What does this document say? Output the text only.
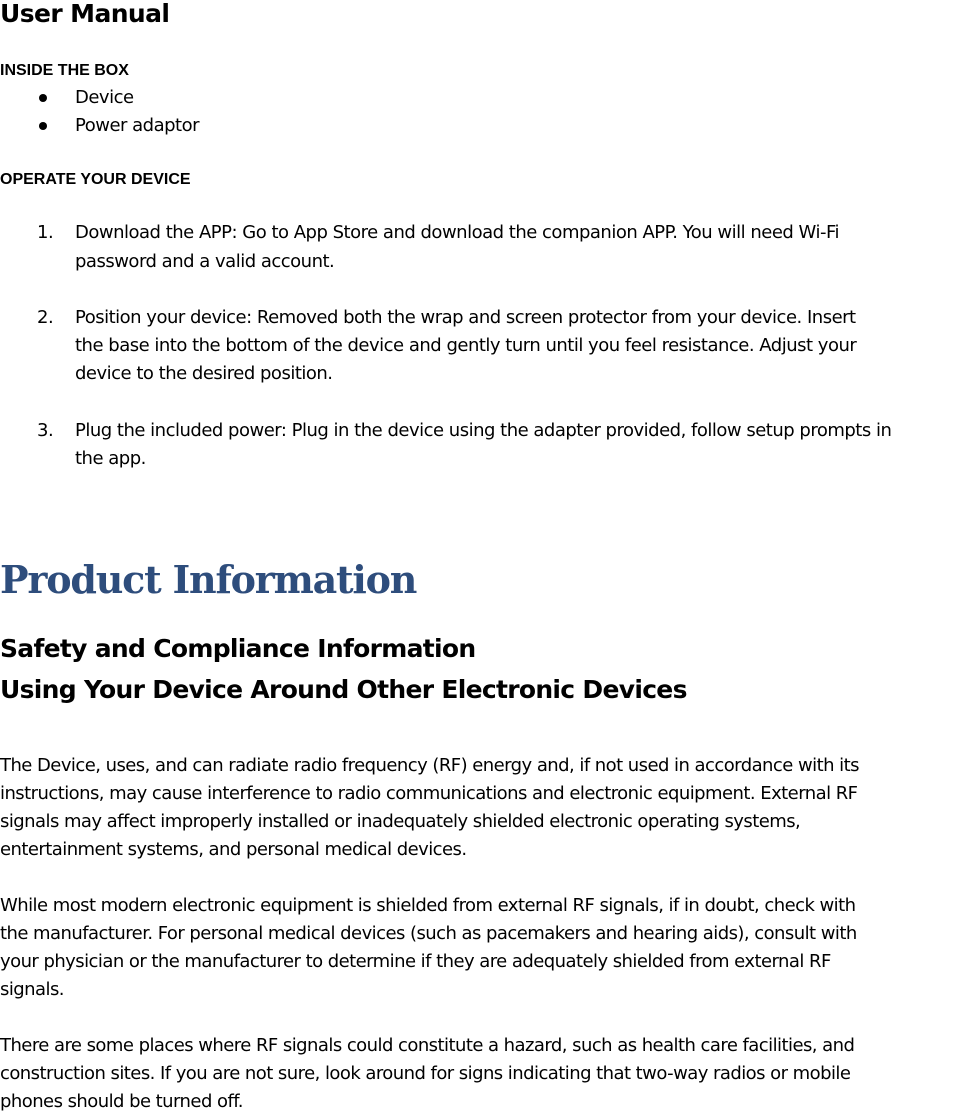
User Manual
INSIDE THE BOX
Device
Power adaptor
OPERATE YOUR DEVICE
1. Download the APP: Go to App Store and download the companion APP. You will need Wi-Fi
password and a valid account.
2. Position your device: Removed both the wrap and screen protector from your device. Insert
the base into the bottom of the device and gently turn until you feel resistance. Adjust your
device to the desired position.
3. Plug the included power: Plug in the device using the adapter provided, follow setup prompts in
the app.
Product Information
Safety and Compliance Information
Using Your Device Around Other Electronic Devices
The Device, uses, and can radiate radio frequency (RF) energy and, if not used in accordance with its
instructions, may cause interference to radio communications and electronic equipment. External RF
signals may affect improperly installed or inadequately shielded electronic operating systems,
entertainment systems, and personal medical devices.
While most modern electronic equipment is shielded from external RF signals, if in doubt, check with
the manufacturer. For personal medical devices (such as pacemakers and hearing aids), consult with
your physician or the manufacturer to determine if they are adequately shielded from external RF
signals.
There are some places where RF signals could constitute a hazard, such as health care facilities, and
construction sites. If you are not sure, look around for signs indicating that two-way radios or mobile
phones should be turned off.
